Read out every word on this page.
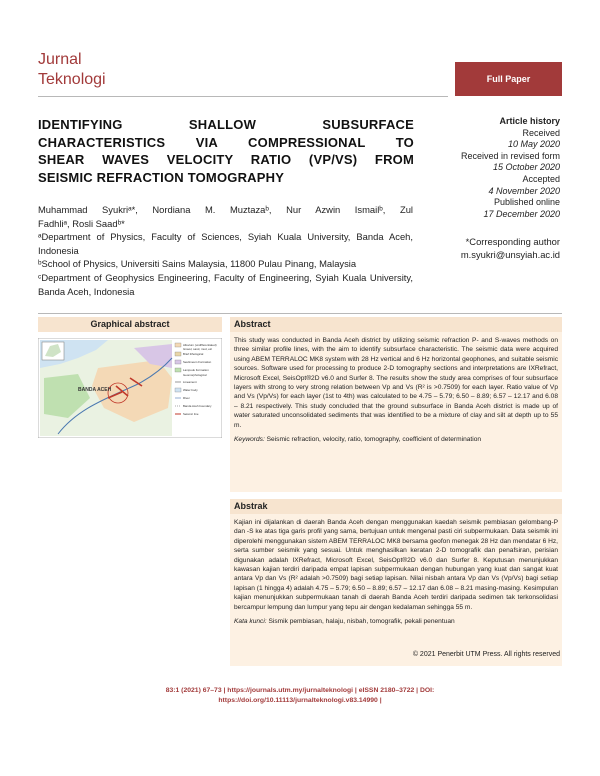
Jurnal
Teknologi	Full Paper
IDENTIFYING SHALLOW SUBSURFACE
CHARACTERISTICS VIA COMPRESSIONAL TO
SHEAR WAVES VELOCITY RATIO (VP/VS) FROM
SEISMIC REFRACTION TOMOGRAPHY

Muhammad Syukriᵃ*, Nordiana M. Muztazaᵇ, Nur Azwin Ismailᵇ, Zul

Fadhliᵃ, Rosli Saadᵇ*

ᵃDepartment of Physics, Faculty of Sciences, Syiah Kuala University, Banda Aceh, Indonesia

ᵇSchool of Physics, Universiti Sains Malaysia, 11800 Pulau Pinang, Malaysia

ᶜDepartment of Geophysics Engineering, Faculty of Engineering, Syiah Kuala University, Banda Aceh, Indonesia

Article history
Received
10 May 2020
Received in revised form
15 October 2020
Accepted
4 November 2020
Published online
17 December 2020
*Corresponding author
m.syukri@unsyiah.ac.id
Graphical abstract
BANDA ACEH
Alluvium (undifferentiated)
Gravel, sand, mud, etc
Brief lithological
Seulimeum Formation
Lampuuk Formation
Geomorphological
Lineament
Water body
River
Banda Aceh boundary
Seismic line
Abstract
This study was conducted in Banda Aceh district by utilizing seismic refraction P- and S-waves methods on three similar profile lines, with the aim to identify subsurface characteristic. The seismic data were acquired using ABEM TERRALOC MK8 system with 28 Hz vertical and 6 Hz horizontal geophones, and suitable seismic sources. Software used for processing to produce 2-D tomography sections and interpretations are IXRefract, Microsoft Excel, SeisOpt®2D v6.0 and Surfer 8. The results show the study area comprises of four subsurface layers with strong to very strong relation between Vp and Vs (R² is >0.7509) for each layer. Ratio value of Vp and Vs (Vp/Vs) for each layer (1st to 4th) was calculated to be 4.75 – 5.79; 6.50 – 8.89; 6.57 – 12.17 and 6.08 – 8.21 respectively. This study concluded that the ground subsurface in Banda Aceh district is made up of water saturated unconsolidated sediments that was identified to be a mixture of clay and silt at depth up to 55 m.
Keywords: Seismic refraction, velocity, ratio, tomography, coefficient of determination
Abstrak
Kajian ini dijalankan di daerah Banda Aceh dengan menggunakan kaedah seismik pembiasan gelombang-P dan -S ke atas tiga garis profil yang sama, bertujuan untuk mengenal pasti ciri subpermukaan. Data seismik ini diperolehi menggunakan sistem ABEM TERRALOC MK8 bersama geofon menegak 28 Hz dan mendatar 6 Hz, serta sumber seismik yang sesuai. Untuk menghasilkan keratan 2-D tomografik dan penafsiran, perisian digunakan adalah IXRefract, Microsoft Excel, SeisOpt®2D v6.0 dan Surfer 8. Keputusan menunjukkan kawasan kajian terdiri daripada empat lapisan subpermukaan dengan hubungan yang kuat dan sangat kuat antara Vp dan Vs (R² adalah >0.7509) bagi setiap lapisan. Nilai nisbah antara Vp dan Vs (Vp/Vs) bagi setiap lapisan (1 hingga 4) adalah 4.75 – 5.79; 6.50 – 8.89; 6.57 – 12.17 dan 6.08 – 8.21 masing-masing. Kesimpulan kajian menunjukkan subpermukaan tanah di daerah Banda Aceh terdiri daripada sedimen tak terkonsolidasi bercampur lempung dan lumpur yang tepu air dengan kedalaman sehingga 55 m.
Kata kunci: Sismik pembiasan, halaju, nisbah, tomografik, pekali penentuan
© 2021 Penerbit UTM Press. All rights reserved
83:1 (2021) 67–73 | https://journals.utm.my/jurnalteknologi | eISSN 2180–3722 | DOI:
https://doi.org/10.11113/jurnalteknologi.v83.14990 |
